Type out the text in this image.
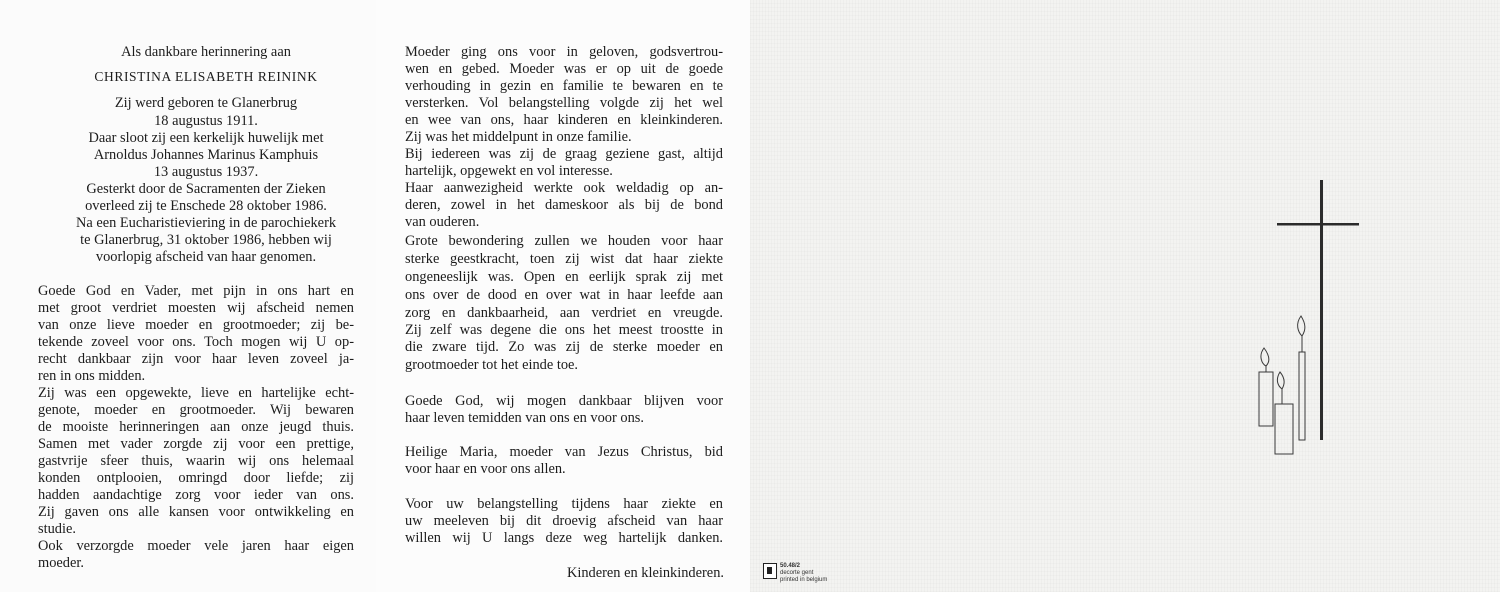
Als dankbare herinnering aan
CHRISTINA ELISABETH REININK
Zij werd geboren te Glanerbrug
18 augustus 1911.
Daar sloot zij een kerkelijk huwelijk met
Arnoldus Johannes Marinus Kamphuis
13 augustus 1937.
Gesterkt door de Sacramenten der Zieken
overleed zij te Enschede 28 oktober 1986.
Na een Eucharistieviering in de parochiekerk
te Glanerbrug, 31 oktober 1986, hebben wij
voorlopig afscheid van haar genomen.
Goede God en Vader, met pijn in ons hart en
met groot verdriet moesten wij afscheid nemen
van onze lieve moeder en grootmoeder; zij be-
tekende zoveel voor ons. Toch mogen wij U op-
recht dankbaar zijn voor haar leven zoveel ja-
ren in ons midden.
Zij was een opgewekte, lieve en hartelijke echt-
genote, moeder en grootmoeder. Wij bewaren
de mooiste herinneringen aan onze jeugd thuis.
Samen met vader zorgde zij voor een prettige,
gastvrije sfeer thuis, waarin wij ons helemaal
konden ontplooien, omringd door liefde; zij
hadden aandachtige zorg voor ieder van ons.
Zij gaven ons alle kansen voor ontwikkeling en
studie.
Ook verzorgde moeder vele jaren haar eigen
moeder.
Moeder ging ons voor in geloven, godsvertrou-
wen en gebed. Moeder was er op uit de goede
verhouding in gezin en familie te bewaren en te
versterken. Vol belangstelling volgde zij het wel
en wee van ons, haar kinderen en kleinkinderen.
Zij was het middelpunt in onze familie.
Bij iedereen was zij de graag geziene gast, altijd
hartelijk, opgewekt en vol interesse.
Haar aanwezigheid werkte ook weldadig op an-
deren, zowel in het dameskoor als bij de bond
van ouderen.
Grote bewondering zullen we houden voor haar
sterke geestkracht, toen zij wist dat haar ziekte
ongeneeslijk was. Open en eerlijk sprak zij met
ons over de dood en over wat in haar leefde aan
zorg en dankbaarheid, aan verdriet en vreugde.
Zij zelf was degene die ons het meest troostte in
die zware tijd. Zo was zij de sterke moeder en
grootmoeder tot het einde toe.
Goede God, wij mogen dankbaar blijven voor
haar leven temidden van ons en voor ons.
Heilige Maria, moeder van Jezus Christus, bid
voor haar en voor ons allen.
Voor uw belangstelling tijdens haar ziekte en
uw meeleven bij dit droevig afscheid van haar
willen wij U langs deze weg hartelijk danken.
Kinderen en kleinkinderen.	50.48/2
decorte gent
printed in belgium
